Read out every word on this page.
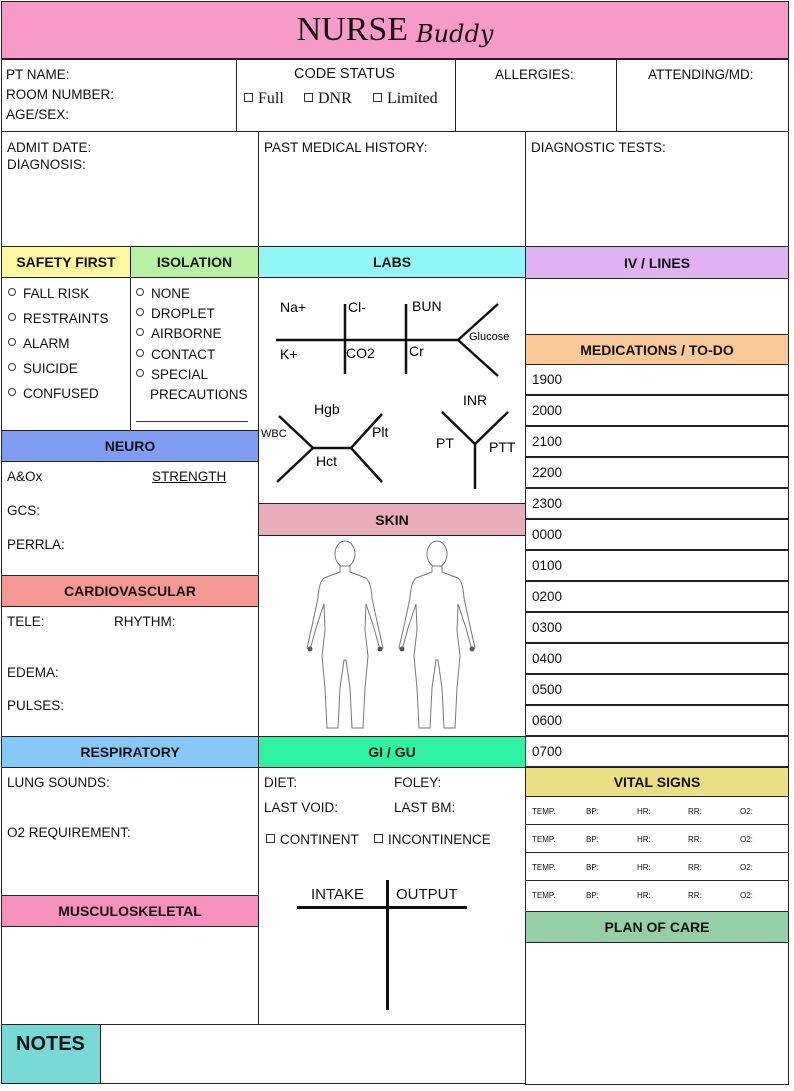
NURSE Buddy
PT NAME:
ROOM NUMBER:
AGE/SEX:
CODE STATUS
Full	DNR	Limited
ALLERGIES:	ATTENDING/MD:
ADMIT DATE:
DIAGNOSIS:
PAST MEDICAL HISTORY:	DIAGNOSTIC TESTS:
SAFETY FIRST	ISOLATION
FALL RISK
RESTRAINTS
ALARM
SUICIDE
CONFUSED
NONE
DROPLET
AIRBORNE
CONTACT
SPECIAL
PRECAUTIONS
LABS
Na+	Cl-	BUN
Glucose
K+	CO2 Cr
Hgb
WBC	Plt
Hct
INR
PT	PTT
IV / LINES
MEDICATIONS / TO-DO
1900
2000
2100
2200
2300
0000
0100
0200
0300
0400
0500
0600
0700
NEURO
A&Ox	STRENGTH
GCS:
PERRLA:
SKIN
CARDIOVASCULAR
TELE:	RHYTHM:
EDEMA:
PULSES:
RESPIRATORY
LUNG SOUNDS:
O2 REQUIREMENT:
GI / GU
DIET:	FOLEY:
LAST VOID:	LAST BM:
CONTINENT	INCONTINENCE
INTAKE OUTPUT
VITAL SIGNS
TEMP.	BP:	HR:	RR:	O2:
TEMP.	BP:	HR:	RR:	O2:
TEMP.	BP:	HR:	RR:	O2:
TEMP.	BP:	HR:	RR:	O2:
PLAN OF CARE
MUSCULOSKELETAL
NOTES
